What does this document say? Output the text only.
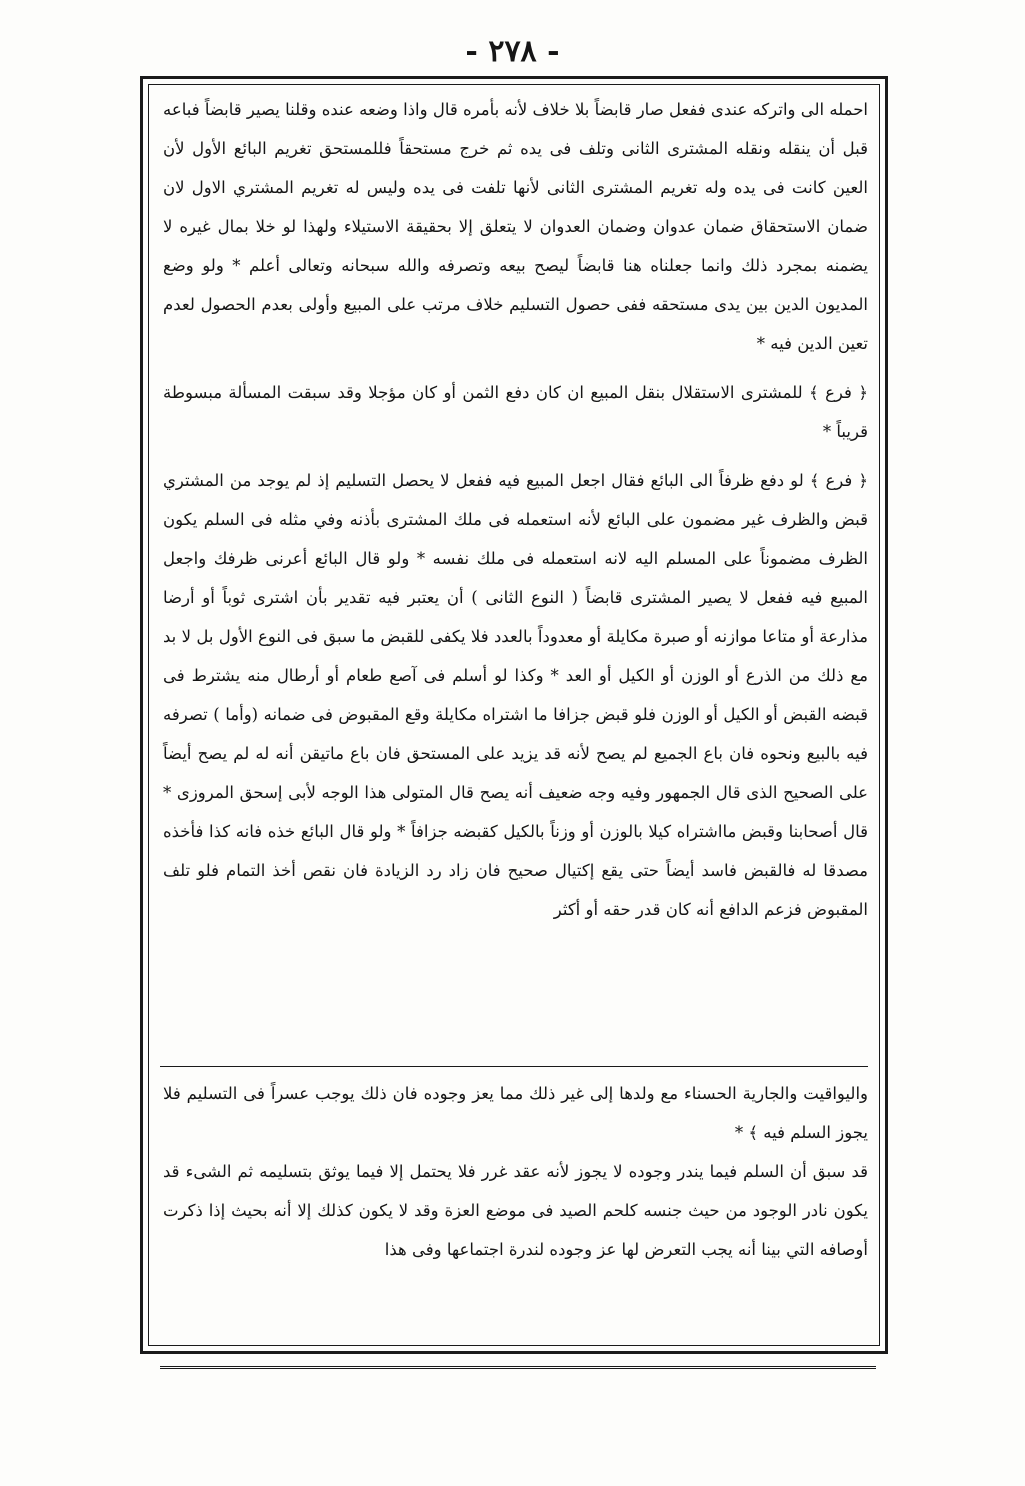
- ٢٧٨ -

احمله الى واتركه عندى ففعل صار قابضاً بلا خلاف لأنه بأمره قال واذا وضعه عنده وقلنا يصير قابضاً فباعه قبل أن ينقله ونقله المشترى الثانى وتلف فى يده ثم خرج مستحقاً فللمستحق تغريم البائع الأول لأن العين كانت فى يده وله تغريم المشترى الثانى لأنها تلفت فى يده وليس له تغريم المشتري الاول لان ضمان الاستحقاق ضمان عدوان وضمان العدوان لا يتعلق إلا بحقيقة الاستيلاء ولهذا لو خلا بمال غيره لا يضمنه بمجرد ذلك وانما جعلناه هنا قابضاً ليصح بيعه وتصرفه والله سبحانه وتعالى أعلم * ولو وضع المديون الدين بين يدى مستحقه ففى حصول التسليم خلاف مرتب على المبيع وأولى بعدم الحصول لعدم تعين الدين فيه *

﴿ فرع ﴾ للمشترى الاستقلال بنقل المبيع ان كان دفع الثمن أو كان مؤجلا وقد سبقت المسألة مبسوطة قريباً *

﴿ فرع ﴾ لو دفع ظرفاً الى البائع فقال اجعل المبيع فيه ففعل لا يحصل التسليم إذ لم يوجد من المشتري قبض والظرف غير مضمون على البائع لأنه استعمله فى ملك المشترى بأذنه وفي مثله فى السلم يكون الظرف مضموناً على المسلم اليه لانه استعمله فى ملك نفسه * ولو قال البائع أعرنى ظرفك واجعل المبيع فيه ففعل لا يصير المشترى قابضاً ( النوع الثانى ) أن يعتبر فيه تقدير بأن اشترى ثوباً أو أرضا مذارعة أو متاعا موازنه أو صبرة مكايلة أو معدوداً بالعدد فلا يكفى للقبض ما سبق فى النوع الأول بل لا بد مع ذلك من الذرع أو الوزن أو الكيل أو العد * وكذا لو أسلم فى آصع طعام أو أرطال منه يشترط فى قبضه القبض أو الكيل أو الوزن فلو قبض جزافا ما اشتراه مكايلة وقع المقبوض فى ضمانه (وأما ) تصرفه فيه بالبيع ونحوه فان باع الجميع لم يصح لأنه قد يزيد على المستحق فان باع ماتيقن أنه له لم يصح أيضاً على الصحيح الذى قال الجمهور وفيه وجه ضعيف أنه يصح قال المتولى هذا الوجه لأبى إسحق المروزى * قال أصحابنا وقبض مااشتراه كيلا بالوزن أو وزناً بالكيل كقبضه جزافاً * ولو قال البائع خذه فانه كذا فأخذه مصدقا له فالقبض فاسد أيضاً حتى يقع إكتيال صحيح فان زاد رد الزيادة فان نقص أخذ التمام فلو تلف المقبوض فزعم الدافع أنه كان قدر حقه أو أكثر

واليواقيت والجارية الحسناء مع ولدها إلى غير ذلك مما يعز وجوده فان ذلك يوجب عسراً فى التسليم فلا يجوز السلم فيه ﴾ *

قد سبق أن السلم فيما يندر وجوده لا يجوز لأنه عقد غرر فلا يحتمل إلا فيما يوثق بتسليمه ثم الشىء قد يكون نادر الوجود من حيث جنسه كلحم الصيد فى موضع العزة وقد لا يكون كذلك إلا أنه بحيث إذا ذكرت أوصافه التي بينا أنه يجب التعرض لها عز وجوده لندرة اجتماعها وفى هذا
